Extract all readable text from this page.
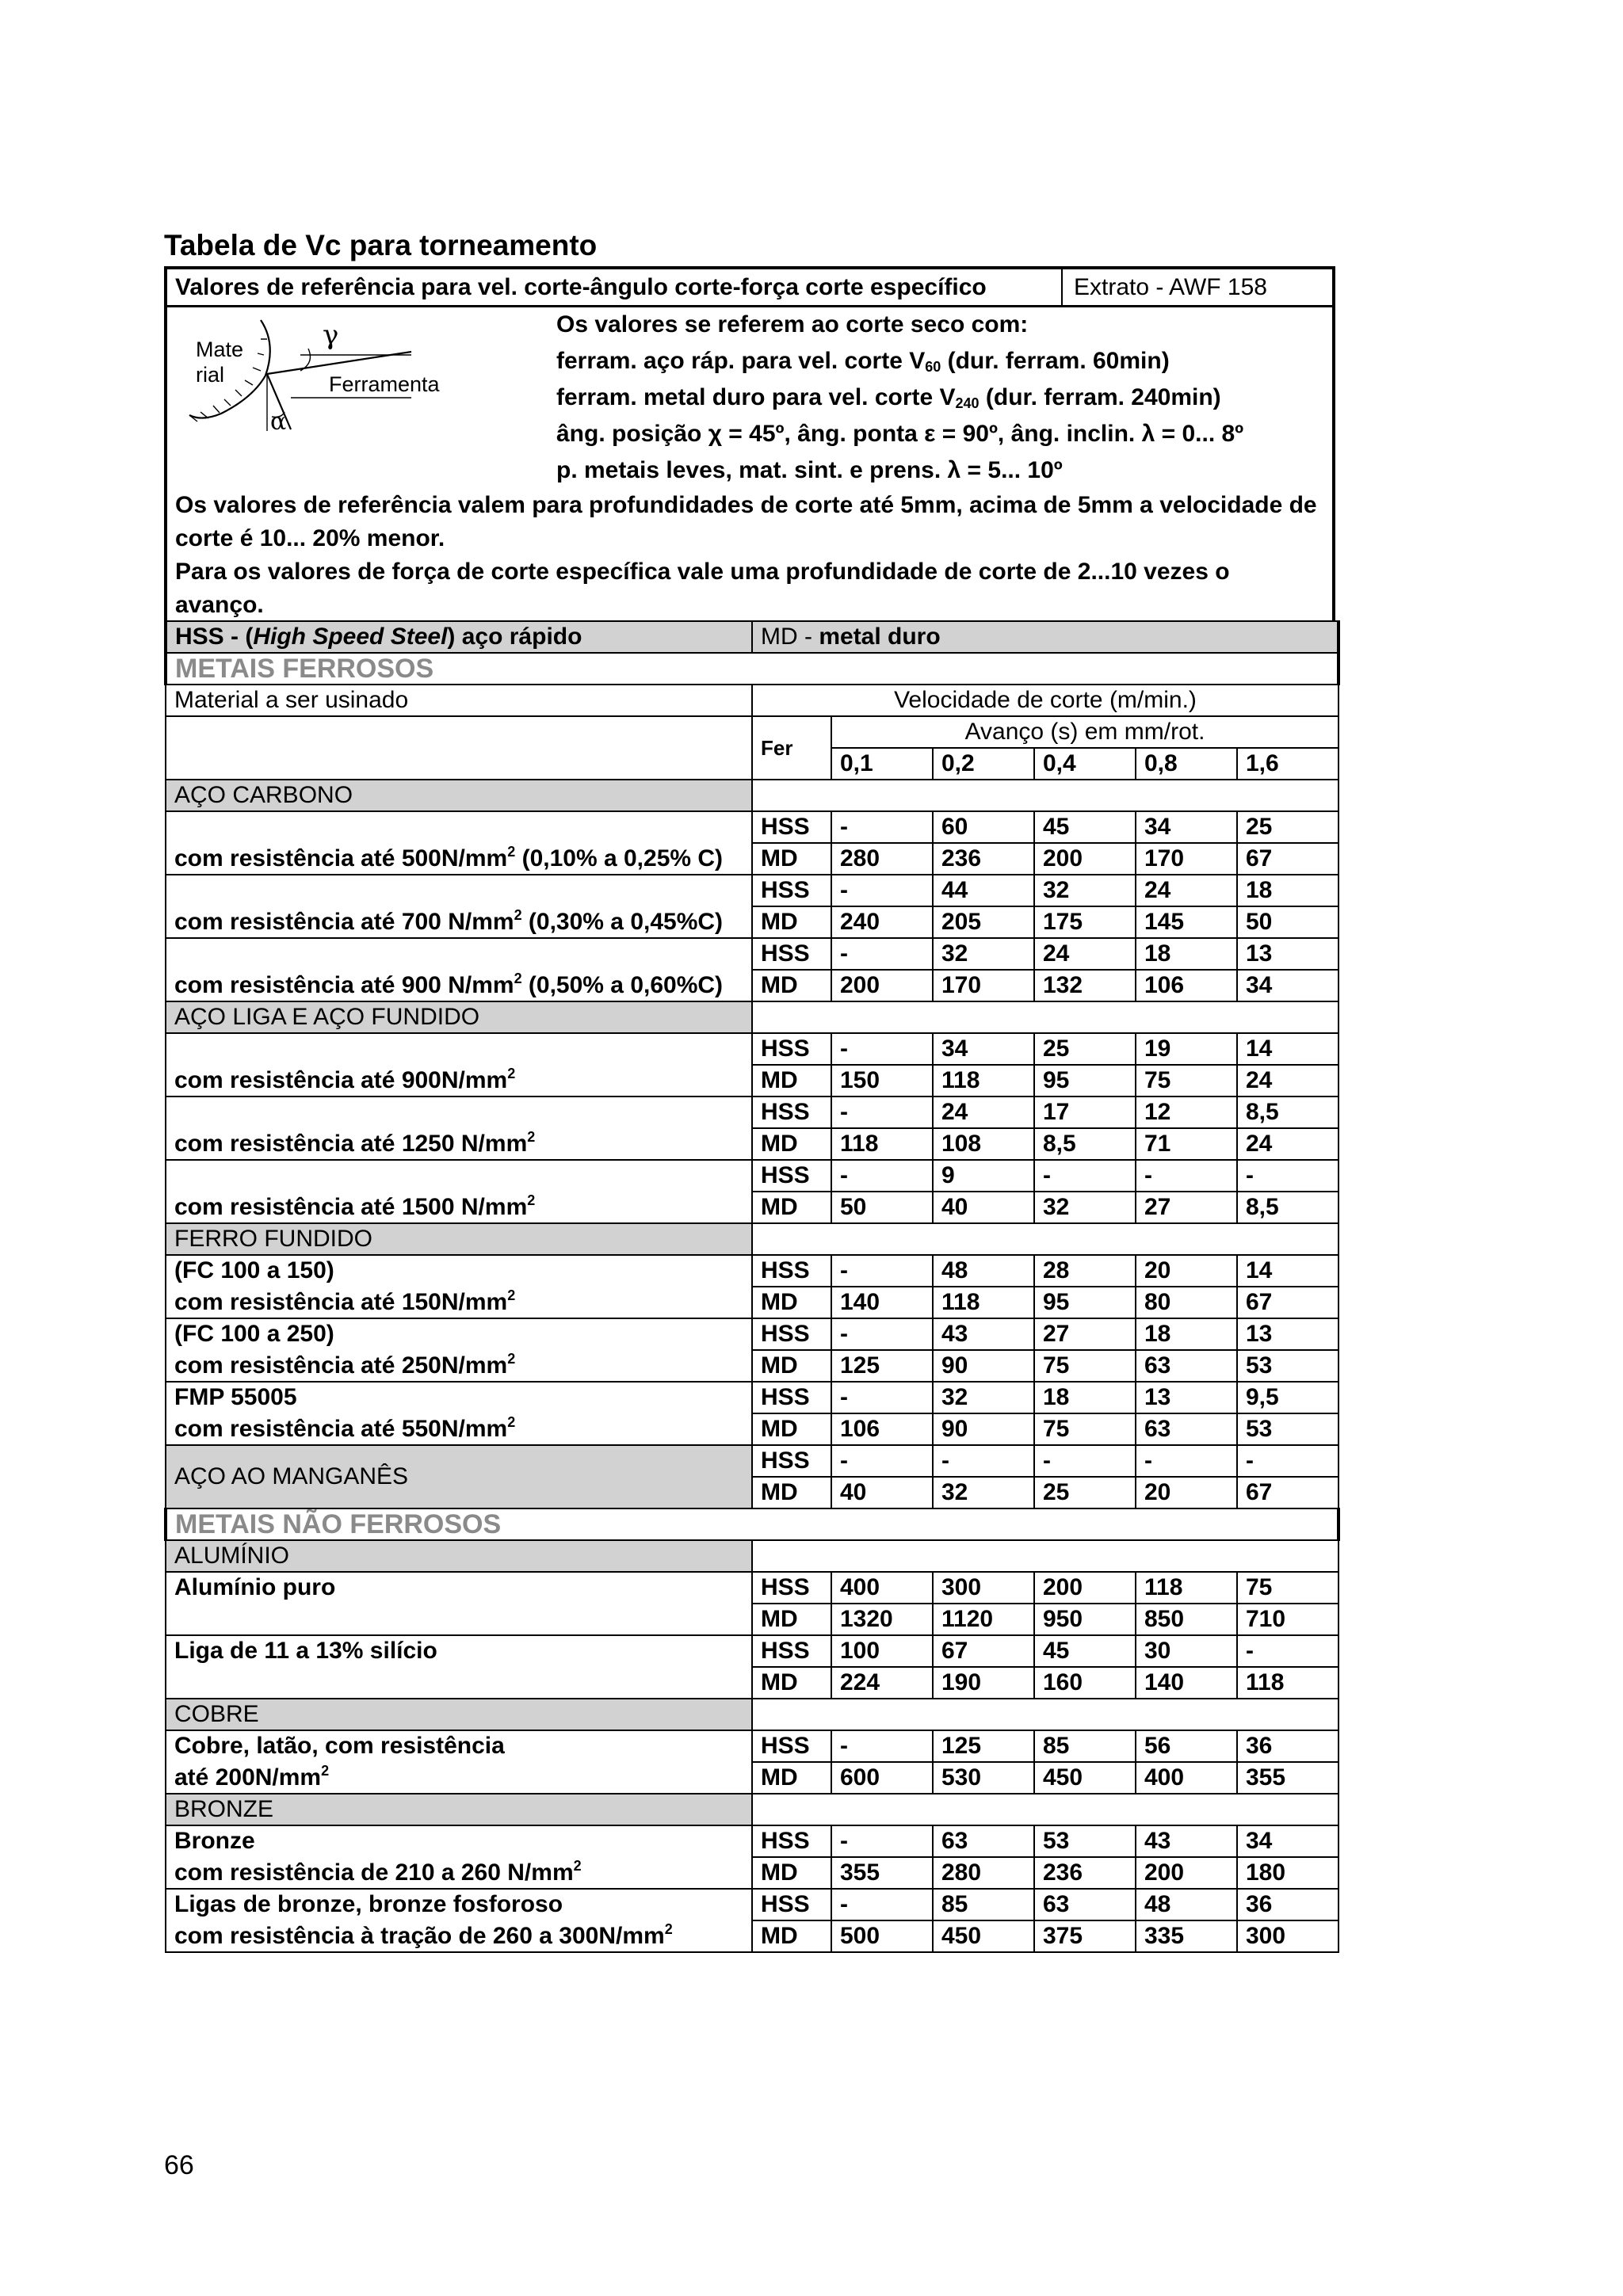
Tabela de Vc para torneamento
Valores de referência para vel. corte-ângulo corte-força corte específico	Extrato - AWF 158
Mate
rial	Ferramenta
γ
α
Os valores se referem ao corte seco com:
ferram. aço ráp. para vel. corte $V_{60}$ (dur. ferram. 60min)
ferram. metal duro para vel. corte $V_{240}$ (dur. ferram. 240min)
âng. posição χ = 45º, âng. ponta ε = 90º, âng. inclin. λ = 0... 8º
p. metais leves, mat. sint. e prens. λ = 5... 10º
Os valores de referência valem para profundidades de corte até 5mm, acima de 5mm a velocidade de
corte é 10... 20% menor.
Para os valores de força de corte específica vale uma profundidade de corte de 2...10 vezes o
avanço.
HSS - (High Speed Steel) aço rápido	MD - metal duro					
METAIS FERROSOS						
Material a ser usinado	Velocidade de corte (m/min.)					
	Fer	Avanço (s) em mm/rot.				
		0,1	0,2	0,4	0,8	1,6
AÇO CARBONO						
com resistência até $500N/mm^2$ (0,10% a 0,25% C)	HSS	-	60	45	34	25
	MD	280	236	200	170	67
com resistência até 700 $N/mm^2$ (0,30% a 0,45%C)	HSS	-	44	32	24	18
	MD	240	205	175	145	50
com resistência até 900 $N/mm^2$ (0,50% a 0,60%C)	HSS	-	32	24	18	13
	MD	200	170	132	106	34
AÇO LIGA E AÇO FUNDIDO						
com resistência até $900N/mm^2$	HSS	-	34	25	19	14
	MD	150	118	95	75	24
com resistência até 1250 $N/mm^2$	HSS	-	24	17	12	8,5
	MD	118	108	8,5	71	24
com resistência até 1500 $N/mm^2$	HSS	-	9	-	-	-
	MD	50	40	32	27	8,5
FERRO FUNDIDO						
(FC 100 a 150)	HSS	-	48	28	20	14
com resistência até $150N/mm^2$	MD	140	118	95	80	67
(FC 100 a 250)	HSS	-	43	27	18	13
com resistência até $250N/mm^2$	MD	125	90	75	63	53
FMP 55005	HSS	-	32	18	13	9,5
com resistência até $550N/mm^2$	MD	106	90	75	63	53
AÇO AO MANGANÊS	HSS	-	-	-	-	-
	MD	40	32	25	20	67
METAIS NÃO FERROSOS						
ALUMÍNIO						
Alumínio puro	HSS	400	300	200	118	75
	MD	1320	1120	950	850	710
Liga de 11 a 13% silício	HSS	100	67	45	30	-
	MD	224	190	160	140	118
COBRE						
Cobre, latão, com resistência	HSS	-	125	85	56	36
até $200N/mm^2$	MD	600	530	450	400	355
BRONZE						
Bronze	HSS	-	63	53	43	34
com resistência de 210 a 260 $N/mm^2$	MD	355	280	236	200	180
Ligas de bronze, bronze fosforoso	HSS	-	85	63	48	36
com resistência à tração de 260 a $300N/mm^2$	MD	500	450	375	335	300
66
